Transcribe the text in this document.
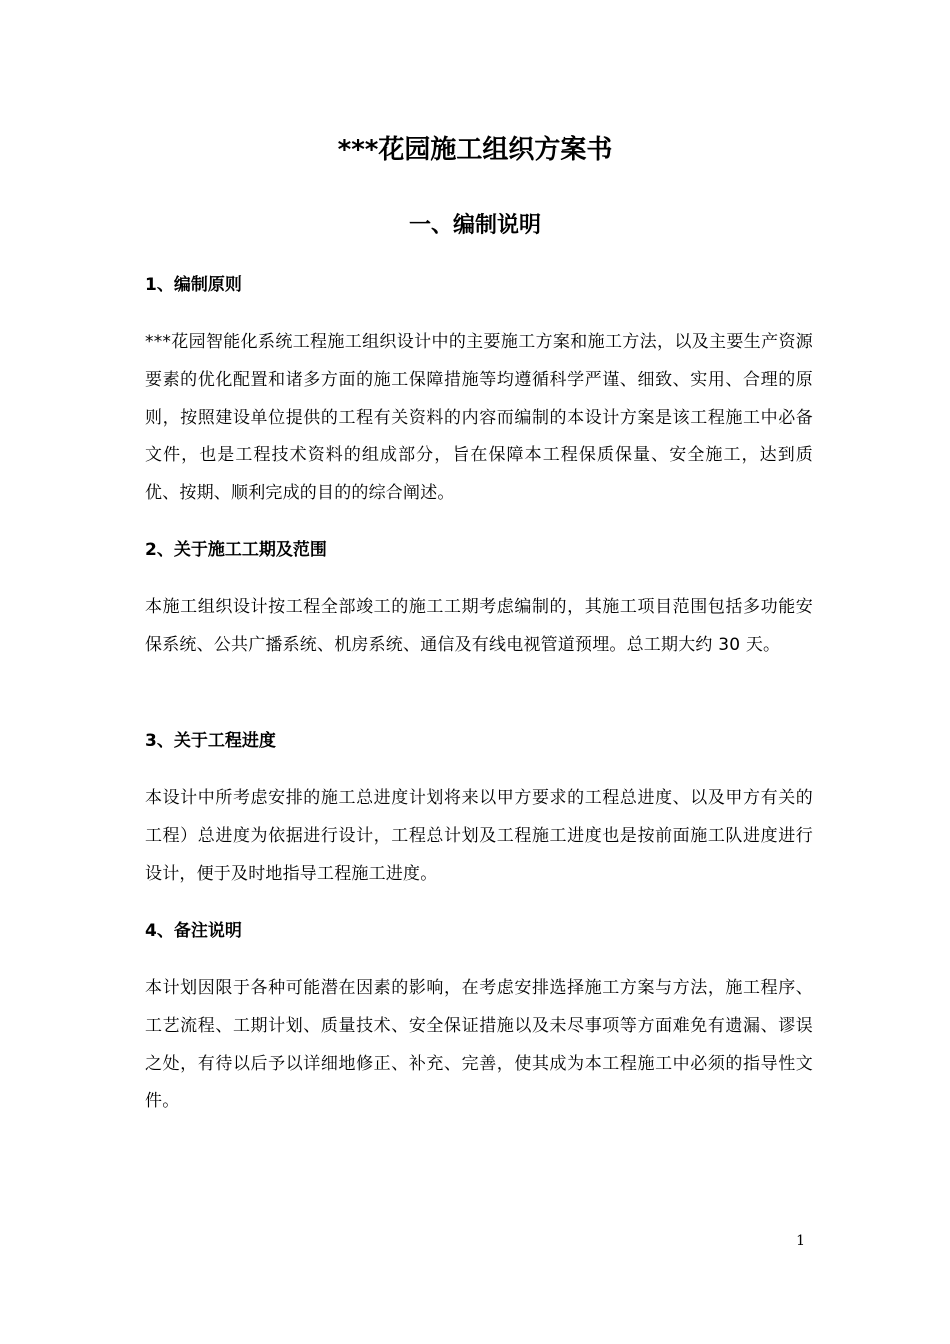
***花园施工组织方案书
一、编制说明
1、编制原则

***花园智能化系统工程施工组织设计中的主要施工方案和施工方法，以及主要生产资源要素的优化配置和诸多方面的施工保障措施等均遵循科学严谨、细致、实用、合理的原则，按照建设单位提供的工程有关资料的内容而编制的本设计方案是该工程施工中必备文件，也是工程技术资料的组成部分，旨在保障本工程保质保量、安全施工，达到质优、按期、顺利完成的目的的综合阐述。

2、关于施工工期及范围

本施工组织设计按工程全部竣工的施工工期考虑编制的，其施工项目范围包括多功能安保系统、公共广播系统、机房系统、通信及有线电视管道预埋。总工期大约 30 天。

3、关于工程进度

本设计中所考虑安排的施工总进度计划将来以甲方要求的工程总进度、以及甲方有关的工程）总进度为依据进行设计，工程总计划及工程施工进度也是按前面施工队进度进行设计，便于及时地指导工程施工进度。

4、备注说明

本计划因限于各种可能潜在因素的影响，在考虑安排选择施工方案与方法，施工程序、工艺流程、工期计划、质量技术、安全保证措施以及未尽事项等方面难免有遗漏、谬误之处，有待以后予以详细地修正、补充、完善，使其成为本工程施工中必须的指导性文件。

1
